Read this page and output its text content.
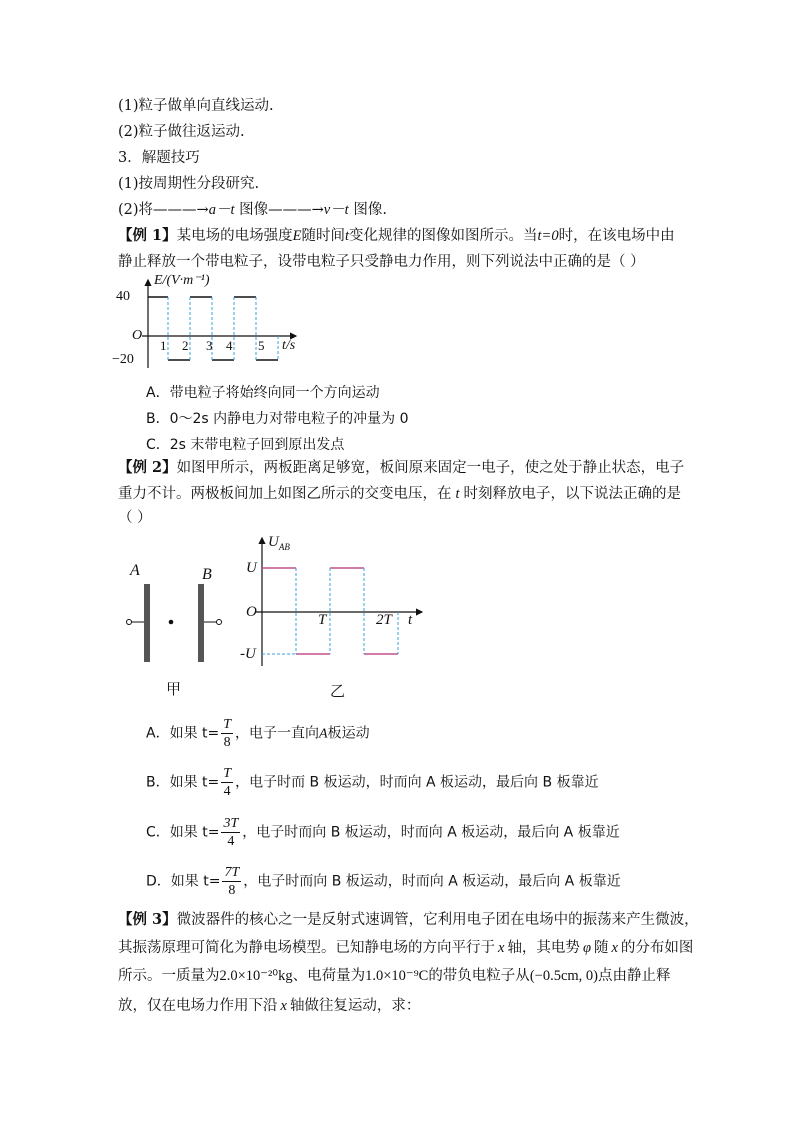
(1)粒子做单向直线运动.
(2)粒子做往返运动.
3．解题技巧
(1)按周期性分段研究.
(2)将———→a－t 图像———→v－t 图像.
【例 1】某电场的电场强度E随时间t变化规律的图像如图所示。当t=0时，在该电场中由
静止释放一个带电粒子，设带电粒子只受静电力作用，则下列说法中正确的是（ ）
E/(V·m⁻¹)
40
O
−20
1 2 3 4 5 t/s
A．带电粒子将始终向同一个方向运动
B．0～2s 内静电力对带电粒子的冲量为 0
C．2s 末带电粒子回到原出发点
【例 2】如图甲所示，两板距离足够宽，板间原来固定一电子，使之处于静止状态，电子
重力不计。两极板间加上如图乙所示的交变电压，在 t 时刻释放电子，以下说法正确的是
（ ）
A	B
甲
$U_{AB}$
U
O
-U
T	2T t
乙
A．如果 $t= \frac{T}{8}$ ，电子一直向A板运动
B．如果 $t= \frac{T}{4}$ ，电子时而 B 板运动，时而向 A 板运动，最后向 B 板靠近
C．如果 $t= \frac{3T}{4}$ ，电子时而向 B 板运动，时而向 A 板运动，最后向 A 板靠近
D．如果 $t= \frac{7T}{8}$ ，电子时而向 B 板运动，时而向 A 板运动，最后向 A 板靠近
【例 3】微波器件的核心之一是反射式速调管，它利用电子团在电场中的振荡来产生微波，
其振荡原理可简化为静电场模型。已知静电场的方向平行于 x 轴，其电势 φ 随 x 的分布如图
所示。一质量为2.0×10⁻²⁰kg、电荷量为1.0×10⁻⁹C的带负电粒子从(−0.5cm, 0)点由静止释
放，仅在电场力作用下沿 x 轴做往复运动，求：
